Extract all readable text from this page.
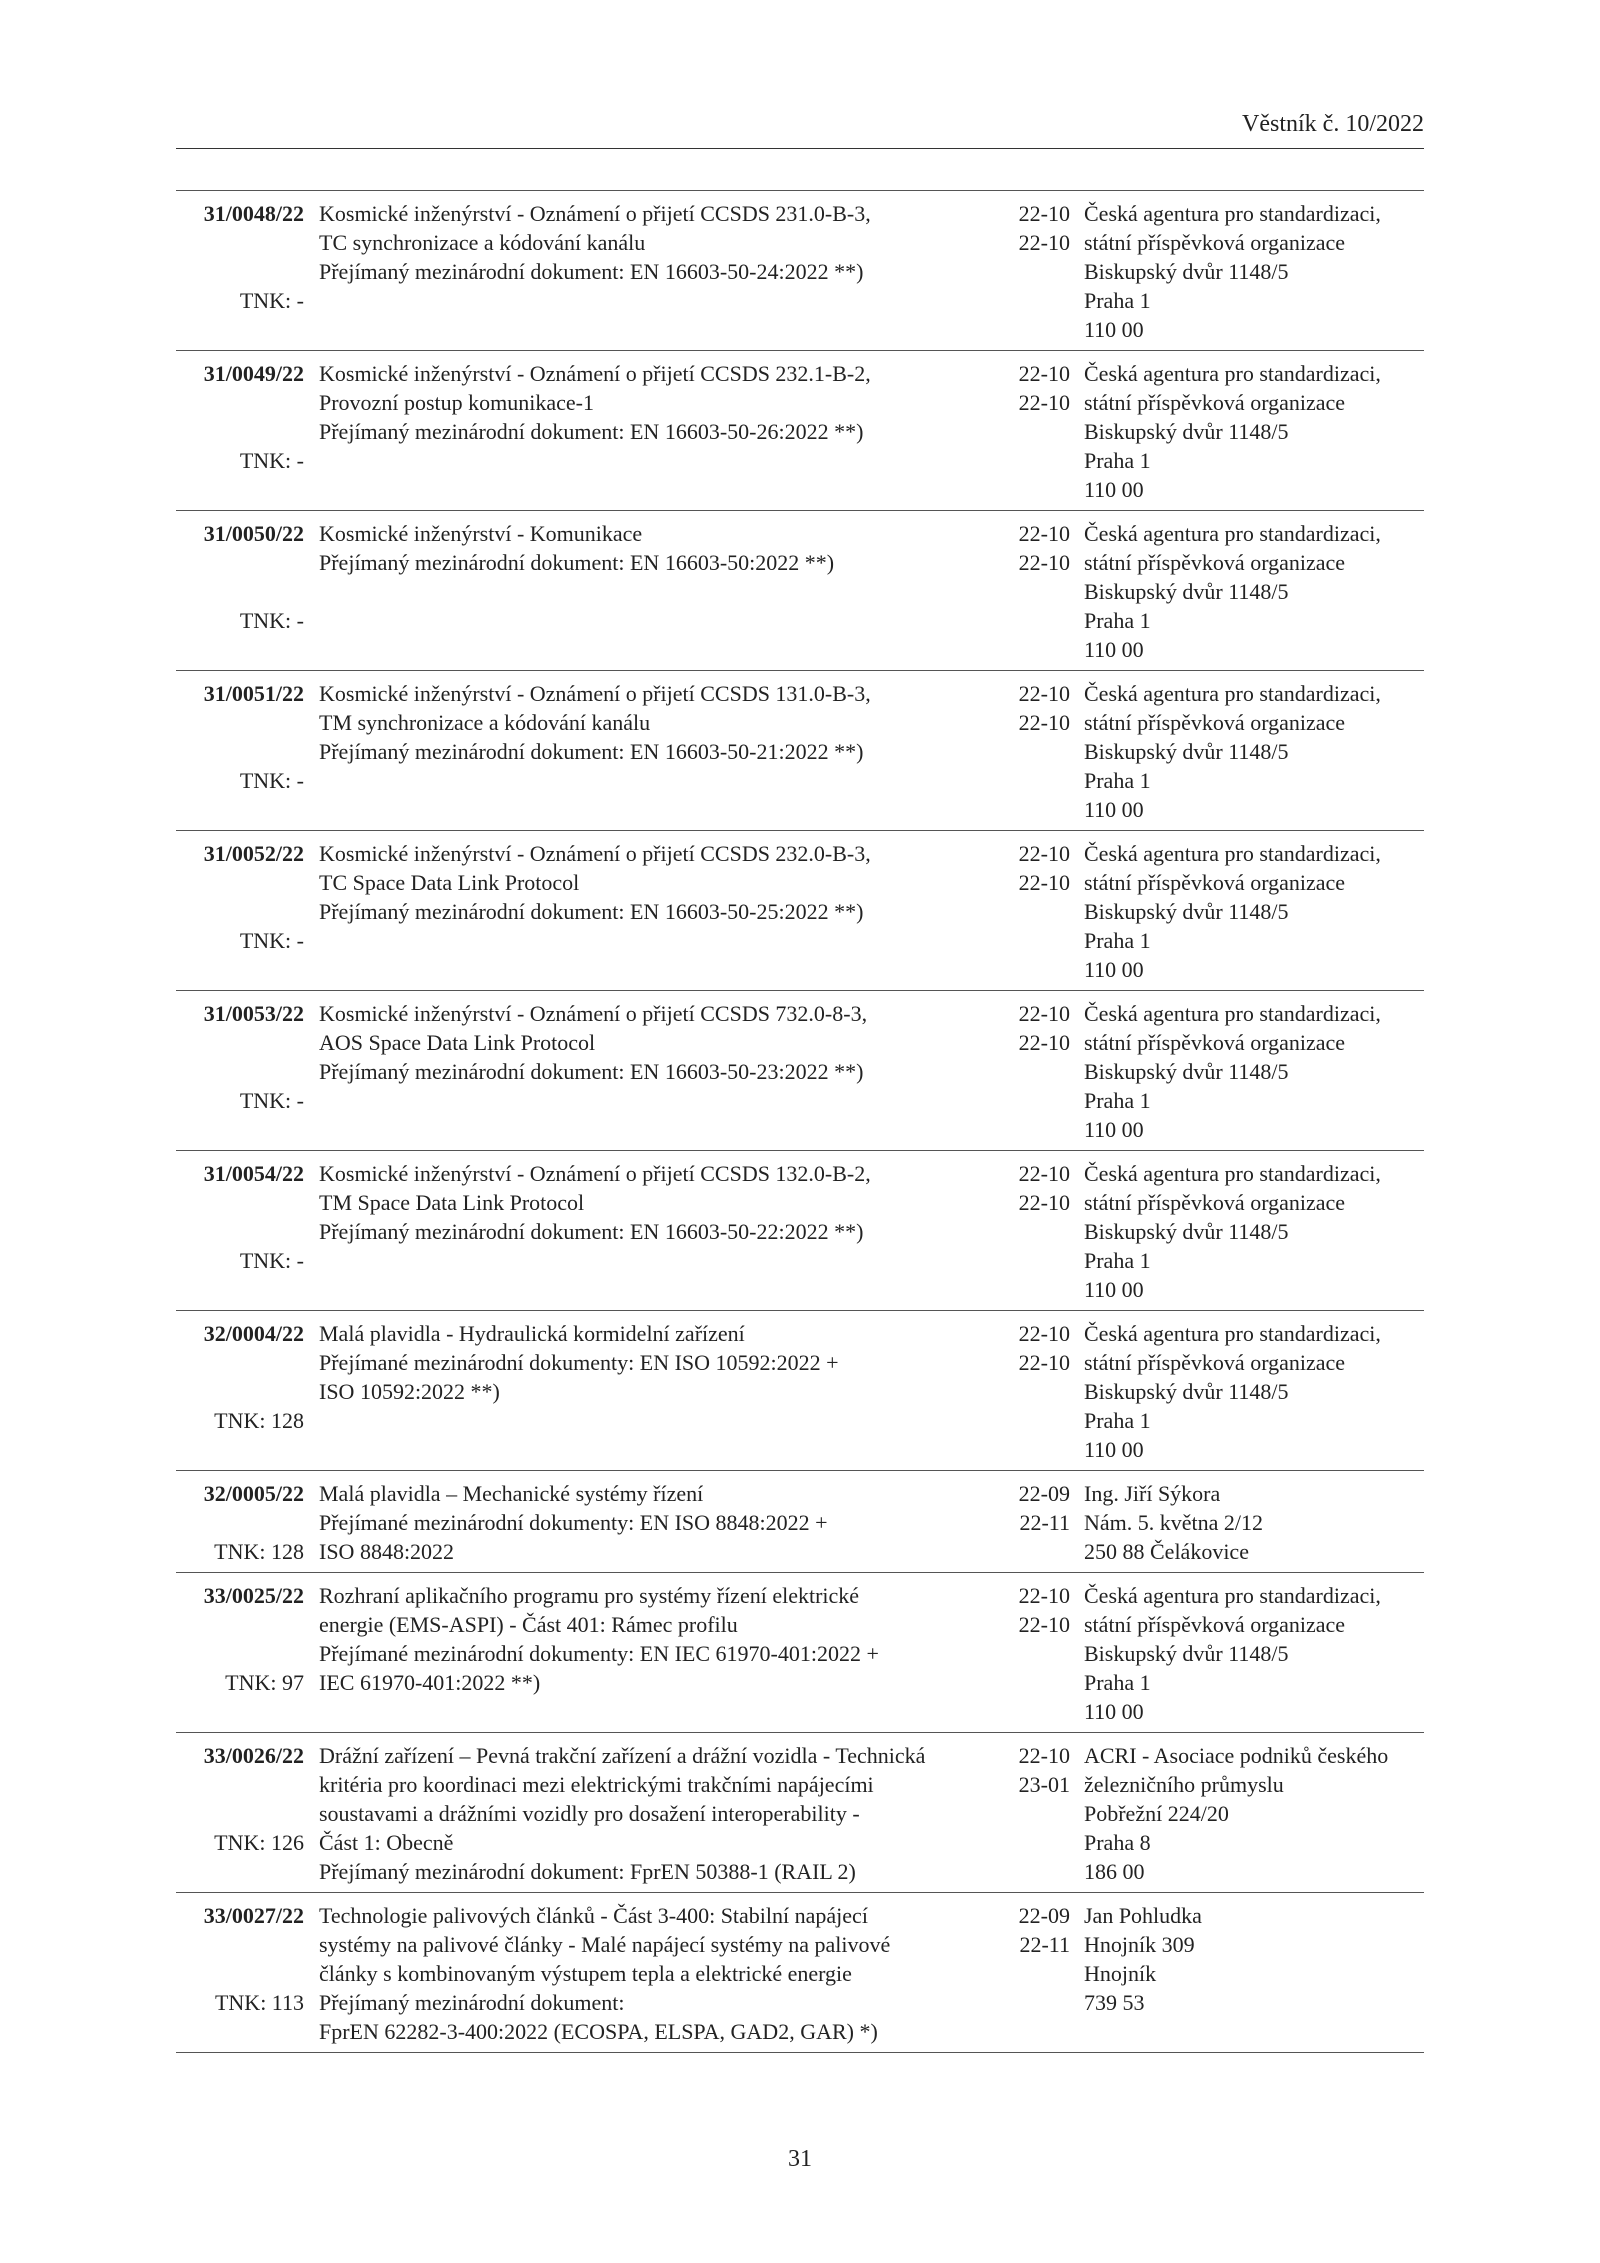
Věstník č. 10/2022
31/0048/22
TNK: -
Kosmické inženýrství - Oznámení o přijetí CCSDS 231.0-B-3,
TC synchronizace a kódování kanálu
Přejímaný mezinárodní dokument: EN 16603-50-24:2022 **)
22-10
22-10
Česká agentura pro standardizaci,
státní příspěvková organizace
Biskupský dvůr 1148/5
Praha 1
110 00
31/0049/22
TNK: -
Kosmické inženýrství - Oznámení o přijetí CCSDS 232.1-B-2,
Provozní postup komunikace-1
Přejímaný mezinárodní dokument: EN 16603-50-26:2022 **)
22-10
22-10
Česká agentura pro standardizaci,
státní příspěvková organizace
Biskupský dvůr 1148/5
Praha 1
110 00
31/0050/22
TNK: -
Kosmické inženýrství - Komunikace
Přejímaný mezinárodní dokument: EN 16603-50:2022 **)
22-10
22-10
Česká agentura pro standardizaci,
státní příspěvková organizace
Biskupský dvůr 1148/5
Praha 1
110 00
31/0051/22
TNK: -
Kosmické inženýrství - Oznámení o přijetí CCSDS 131.0-B-3,
TM synchronizace a kódování kanálu
Přejímaný mezinárodní dokument: EN 16603-50-21:2022 **)
22-10
22-10
Česká agentura pro standardizaci,
státní příspěvková organizace
Biskupský dvůr 1148/5
Praha 1
110 00
31/0052/22
TNK: -
Kosmické inženýrství - Oznámení o přijetí CCSDS 232.0-B-3,
TC Space Data Link Protocol
Přejímaný mezinárodní dokument: EN 16603-50-25:2022 **)
22-10
22-10
Česká agentura pro standardizaci,
státní příspěvková organizace
Biskupský dvůr 1148/5
Praha 1
110 00
31/0053/22
TNK: -
Kosmické inženýrství - Oznámení o přijetí CCSDS 732.0-8-3,
AOS Space Data Link Protocol
Přejímaný mezinárodní dokument: EN 16603-50-23:2022 **)
22-10
22-10
Česká agentura pro standardizaci,
státní příspěvková organizace
Biskupský dvůr 1148/5
Praha 1
110 00
31/0054/22
TNK: -
Kosmické inženýrství - Oznámení o přijetí CCSDS 132.0-B-2,
TM Space Data Link Protocol
Přejímaný mezinárodní dokument: EN 16603-50-22:2022 **)
22-10
22-10
Česká agentura pro standardizaci,
státní příspěvková organizace
Biskupský dvůr 1148/5
Praha 1
110 00
32/0004/22
TNK: 128
Malá plavidla - Hydraulická kormidelní zařízení
Přejímané mezinárodní dokumenty: EN ISO 10592:2022 +
ISO 10592:2022 **)
22-10
22-10
Česká agentura pro standardizaci,
státní příspěvková organizace
Biskupský dvůr 1148/5
Praha 1
110 00
32/0005/22
TNK: 128
Malá plavidla – Mechanické systémy řízení
Přejímané mezinárodní dokumenty: EN ISO 8848:2022 +
ISO 8848:2022
22-09
22-11
Ing. Jiří Sýkora
Nám. 5. května 2/12
250 88 Čelákovice
33/0025/22
TNK: 97
Rozhraní aplikačního programu pro systémy řízení elektrické
energie (EMS-ASPI) - Část 401: Rámec profilu
Přejímané mezinárodní dokumenty: EN IEC 61970-401:2022 +
IEC 61970-401:2022 **)
22-10
22-10
Česká agentura pro standardizaci,
státní příspěvková organizace
Biskupský dvůr 1148/5
Praha 1
110 00
33/0026/22
TNK: 126
Drážní zařízení – Pevná trakční zařízení a drážní vozidla - Technická
kritéria pro koordinaci mezi elektrickými trakčními napájecími
soustavami a drážními vozidly pro dosažení interoperability -
Část 1: Obecně
Přejímaný mezinárodní dokument: FprEN 50388-1 (RAIL 2)
22-10
23-01
ACRI - Asociace podniků českého
železničního průmyslu
Pobřežní 224/20
Praha 8
186 00
33/0027/22
TNK: 113
Technologie palivových článků - Část 3-400: Stabilní napájecí
systémy na palivové články - Malé napájecí systémy na palivové
články s kombinovaným výstupem tepla a elektrické energie
Přejímaný mezinárodní dokument:
FprEN 62282-3-400:2022 (ECOSPA, ELSPA, GAD2, GAR) *)
22-09
22-11
Jan Pohludka
Hnojník 309
Hnojník
739 53
31
